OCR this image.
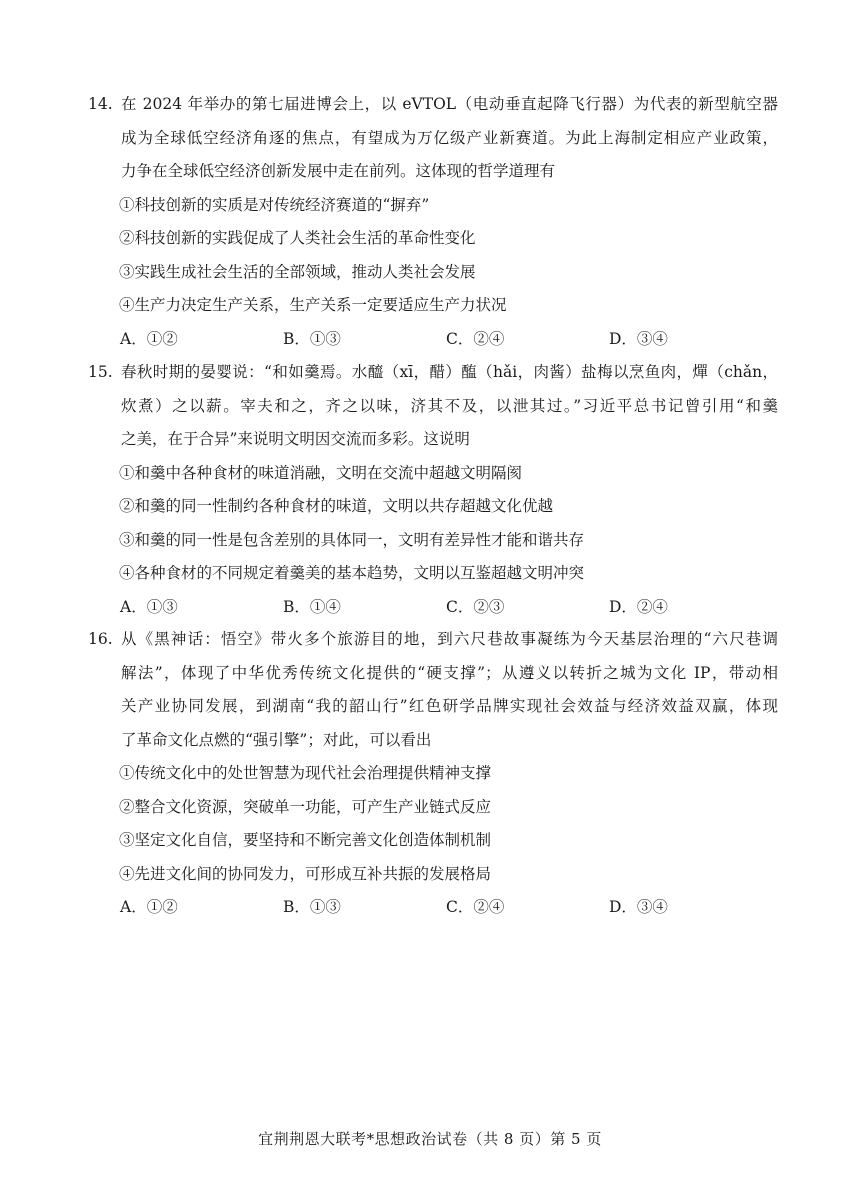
14. 在 2024 年举办的第七届进博会上，以 eVTOL（电动垂直起降飞行器）为代表的新型航空器
成为全球低空经济角逐的焦点，有望成为万亿级产业新赛道。为此上海制定相应产业政策，
力争在全球低空经济创新发展中走在前列。这体现的哲学道理有
①科技创新的实质是对传统经济赛道的“摒弃”
②科技创新的实践促成了人类社会生活的革命性变化
③实践生成社会生活的全部领域，推动人类社会发展
④生产力决定生产关系，生产关系一定要适应生产力状况
A．①②	B．①③	C．②④	D．③④
15. 春秋时期的晏婴说：“和如羹焉。水醯（xī，醋）醢（hǎi，肉酱）盐梅以烹鱼肉，燀（chǎn，
炊煮）之以薪。宰夫和之，齐之以味，济其不及，以泄其过。”习近平总书记曾引用“和羹
之美，在于合异”来说明文明因交流而多彩。这说明
①和羹中各种食材的味道消融，文明在交流中超越文明隔阂
②和羹的同一性制约各种食材的味道，文明以共存超越文化优越
③和羹的同一性是包含差别的具体同一，文明有差异性才能和谐共存
④各种食材的不同规定着羹美的基本趋势，文明以互鉴超越文明冲突
A．①③	B．①④	C．②③	D．②④
16. 从《黑神话：悟空》带火多个旅游目的地，到六尺巷故事凝练为今天基层治理的“六尺巷调
解法”，体现了中华优秀传统文化提供的“硬支撑”；从遵义以转折之城为文化 IP，带动相
关产业协同发展，到湖南“我的韶山行”红色研学品牌实现社会效益与经济效益双赢，体现
了革命文化点燃的“强引擎”；对此，可以看出
①传统文化中的处世智慧为现代社会治理提供精神支撑
②整合文化资源，突破单一功能，可产生产业链式反应
③坚定文化自信，要坚持和不断完善文化创造体制机制
④先进文化间的协同发力，可形成互补共振的发展格局
A．①②	B．①③	C．②④	D．③④
宜荆荆恩大联考*思想政治试卷（共 8 页）第 5 页
